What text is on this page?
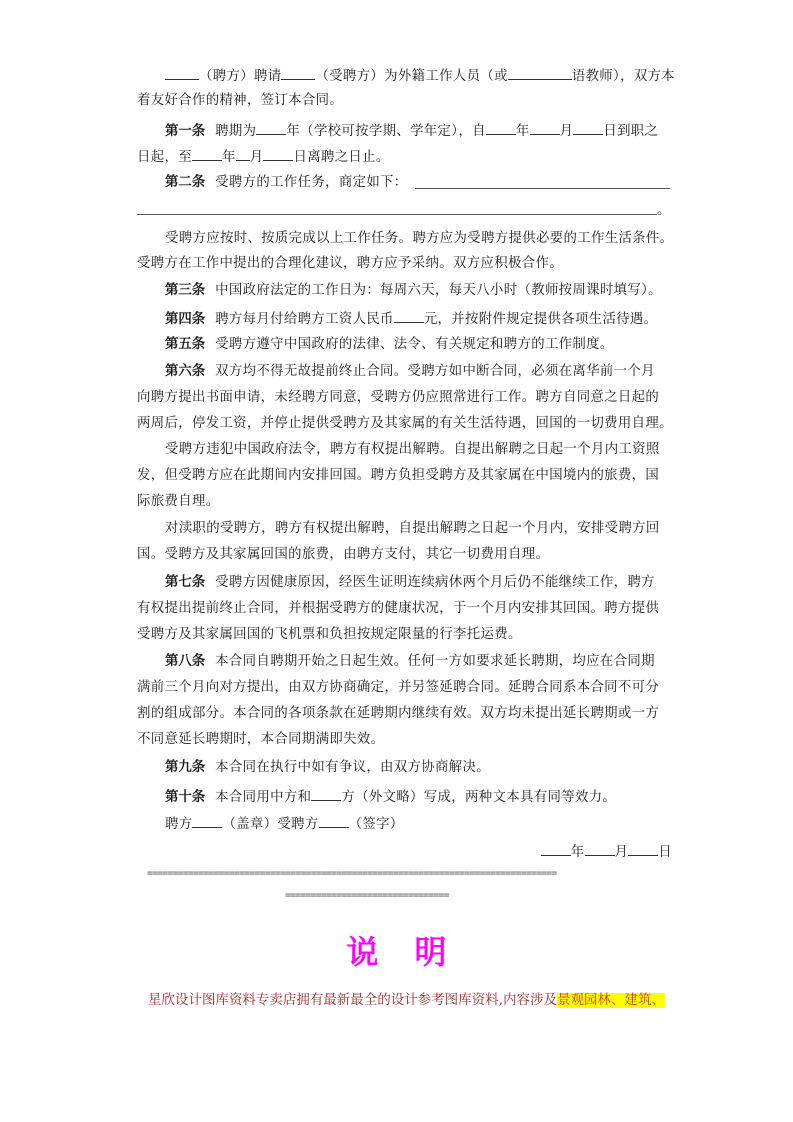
（聘方）聘请	（受聘方）为外籍工作人员（或	语教师），双方本
着友好合作的精神，签订本合同。
第一条 聘期为 年（学校可按学期、学年定），自 年 月 日到职之
日起，至 年 月 日离聘之日止。
第二条 受聘方的工作任务，商定如下：
。
受聘方应按时、按质完成以上工作任务。聘方应为受聘方提供必要的工作生活条件。
受聘方在工作中提出的合理化建议，聘方应予采纳。双方应积极合作。
第三条 中国政府法定的工作日为：每周六天，每天八小时（教师按周课时填写）。
第四条 聘方每月付给聘方工资人民币 元，并按附件规定提供各项生活待遇。
第五条 受聘方遵守中国政府的法律、法令、有关规定和聘方的工作制度。
第六条 双方均不得无故提前终止合同。受聘方如中断合同，必须在离华前一个月
向聘方提出书面申请，未经聘方同意，受聘方仍应照常进行工作。聘方自同意之日起的
两周后，停发工资，并停止提供受聘方及其家属的有关生活待遇，回国的一切费用自理。
受聘方违犯中国政府法令，聘方有权提出解聘。自提出解聘之日起一个月内工资照
发，但受聘方应在此期间内安排回国。聘方负担受聘方及其家属在中国境内的旅费，国
际旅费自理。
对渎职的受聘方，聘方有权提出解聘，自提出解聘之日起一个月内，安排受聘方回
国。受聘方及其家属回国的旅费，由聘方支付，其它一切费用自理。
第七条 受聘方因健康原因，经医生证明连续病休两个月后仍不能继续工作，聘方
有权提出提前终止合同，并根据受聘方的健康状况，于一个月内安排其回国。聘方提供
受聘方及其家属回国的飞机票和负担按规定限量的行李托运费。
第八条 本合同自聘期开始之日起生效。任何一方如要求延长聘期，均应在合同期
满前三个月向对方提出，由双方协商确定，并另签延聘合同。延聘合同系本合同不可分
割的组成部分。本合同的各项条款在延聘期内继续有效。双方均未提出延长聘期或一方
不同意延长聘期时，本合同期满即失效。
第九条 本合同在执行中如有争议，由双方协商解决。
第十条 本合同用中方和 方（外文略）写成，两种文本具有同等效力。
聘方 （盖章）受聘方 （签字）
年 月 日
================================================================================
================================
说 明
星欣设计图库资料专卖店拥有最新最全的设计参考图库资料,内容涉及景观园林、建筑、
